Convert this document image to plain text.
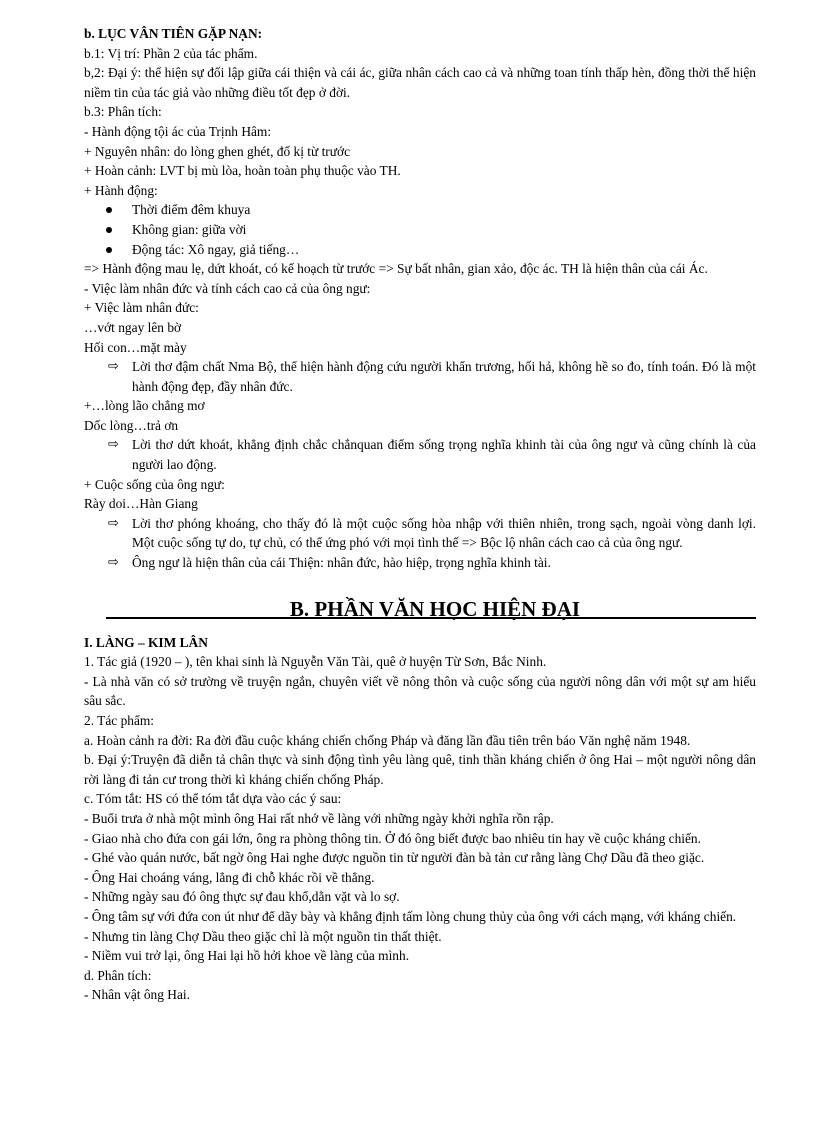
b. LỤC VÂN TIÊN GẶP NẠN:
b.1: Vị trí: Phần 2 của tác phẩm.
b,2: Đại ý: thể hiện sự đối lập giữa cái thiện và cái ác, giữa nhân cách cao cả và những toan tính thấp hèn, đồng thời thể hiện niềm tin của tác giả vào những điều tốt đẹp ở đời.
b.3: Phân tích:
- Hành động tội ác của Trịnh Hâm:
+ Nguyên nhân: do lòng ghen ghét, đố kị từ trước
+ Hoàn cảnh: LVT bị mù lòa, hoàn toàn phụ thuộc vào TH.
+ Hành động:
Thời điểm đêm khuya
Không gian: giữa vời
Động tác: Xô ngay, giả tiếng…
=> Hành động mau lẹ, dứt khoát, có kế hoạch từ trước => Sự bất nhân, gian xảo, độc ác. TH là hiện thân của cái Ác.
- Việc làm nhân đức và tính cách cao cả của ông ngư:
+ Việc làm nhân đức:
…vớt ngay lên bờ
Hối con…mặt mày
⇨ Lời thơ đậm chất Nma Bộ, thể hiện hành động cứu người khẩn trương, hối hả, không hề so đo, tính toán. Đó là một hành động đẹp, đầy nhân đức.
+…lòng lão chẳng mơ
Dốc lòng…trả ơn
⇨ Lời thơ dứt khoát, khẳng định chắc chắnquan điểm sống trọng nghĩa khinh tài của ông ngư và cũng chính là của người lao động.
+ Cuộc sống của ông ngư:
Rày doi…Hàn Giang
⇨ Lời thơ phóng khoáng, cho thấy đó là một cuộc sống hòa nhập với thiên nhiên, trong sạch, ngoài vòng danh lợi. Một cuộc sống tự do, tự chủ, có thể ứng phó với mọi tình thế => Bộc lộ nhân cách cao cả của ông ngư.
⇨ Ông ngư là hiện thân của cái Thiện: nhân đức, hào hiệp, trọng nghĩa khinh tài.
B. PHẦN VĂN HỌC HIỆN ĐẠI
I. LÀNG – KIM LÂN
1. Tác giả (1920 – ), tên khai sinh là Nguyễn Văn Tài, quê ở huyện Từ Sơn, Bắc Ninh.
- Là nhà văn có sở trường về truyện ngắn, chuyên viết về nông thôn và cuộc sống của người nông dân với một sự am hiểu sâu sắc.
2. Tác phẩm:
a. Hoàn cảnh ra đời: Ra đời đầu cuộc kháng chiến chống Pháp và đăng lần đầu tiên trên báo Văn nghệ năm 1948.
b. Đại ý:Truyện đã diễn tả chân thực và sinh động tình yêu làng quê, tinh thần kháng chiến ở ông Hai – một người nông dân rời làng đi tản cư trong thời kì kháng chiến chống Pháp.
c. Tóm tắt: HS có thể tóm tắt dựa vào các ý sau:
- Buổi trưa ở nhà một mình ông Hai rất nhớ về làng với những ngày khởi nghĩa rồn rập.
- Giao nhà cho đứa con gái lớn, ông ra phòng thông tin. Ở đó ông biết được bao nhiêu tin hay về cuộc kháng chiến.
- Ghé vào quán nước, bất ngờ ông Hai nghe được nguồn tin từ người đàn bà tản cư rằng làng Chợ Dầu đã theo giặc.
- Ông Hai choáng váng, lẳng đi chỗ khác rồi về thẳng.
- Những ngày sau đó ông thực sự đau khổ,dằn vặt và lo sợ.
- Ông tâm sự với đứa con út như để dãy bày và khẳng định tấm lòng chung thủy của ông với cách mạng, với kháng chiến.
- Nhưng tin làng Chợ Dầu theo giặc chỉ là một nguồn tin thất thiệt.
- Niềm vui trở lại, ông Hai lại hồ hởi khoe về làng của mình.
d. Phân tích:
- Nhân vật ông Hai.
